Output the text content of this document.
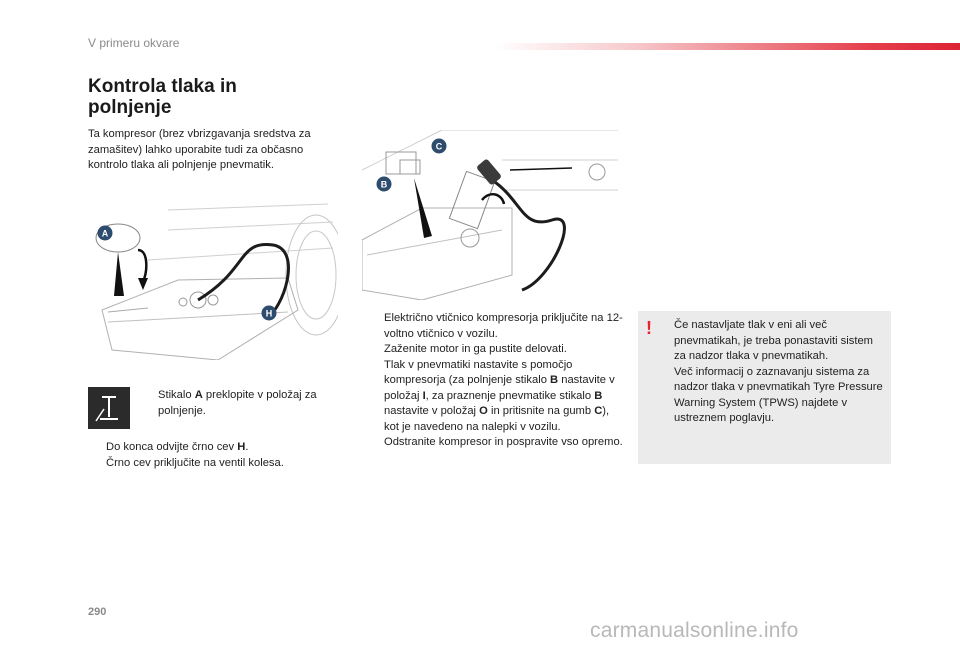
V primeru okvare
Kontrola tlaka in
polnjenje
Ta kompresor (brez vbrizgavanja sredstva za zamašitev) lahko uporabite tudi za občasno kontrolo tlaka ali polnjenje pnevmatik.
A
H
C
B
Stikalo A preklopite v položaj za polnjenje.
Do konca odvijte črno cev H.
Črno cev priključite na ventil kolesa.
Električno vtičnico kompresorja priključite na 12-voltno vtičnico v vozilu.
Zaženite motor in ga pustite delovati.
Tlak v pnevmatiki nastavite s pomočjo kompresorja (za polnjenje stikalo B nastavite v položaj I, za praznenje pnevmatike stikalo B nastavite v položaj O in pritisnite na gumb C), kot je navedeno na nalepki v vozilu.
Odstranite kompresor in pospravite vso opremo.
! Če nastavljate tlak v eni ali več pnevmatikah, je treba ponastaviti sistem za nadzor tlaka v pnevmatikah.
Več informacij o zaznavanju sistema za nadzor tlaka v pnevmatikah Tyre Pressure Warning System (TPWS) najdete v ustreznem poglavju.
290
carmanualsonline.info
